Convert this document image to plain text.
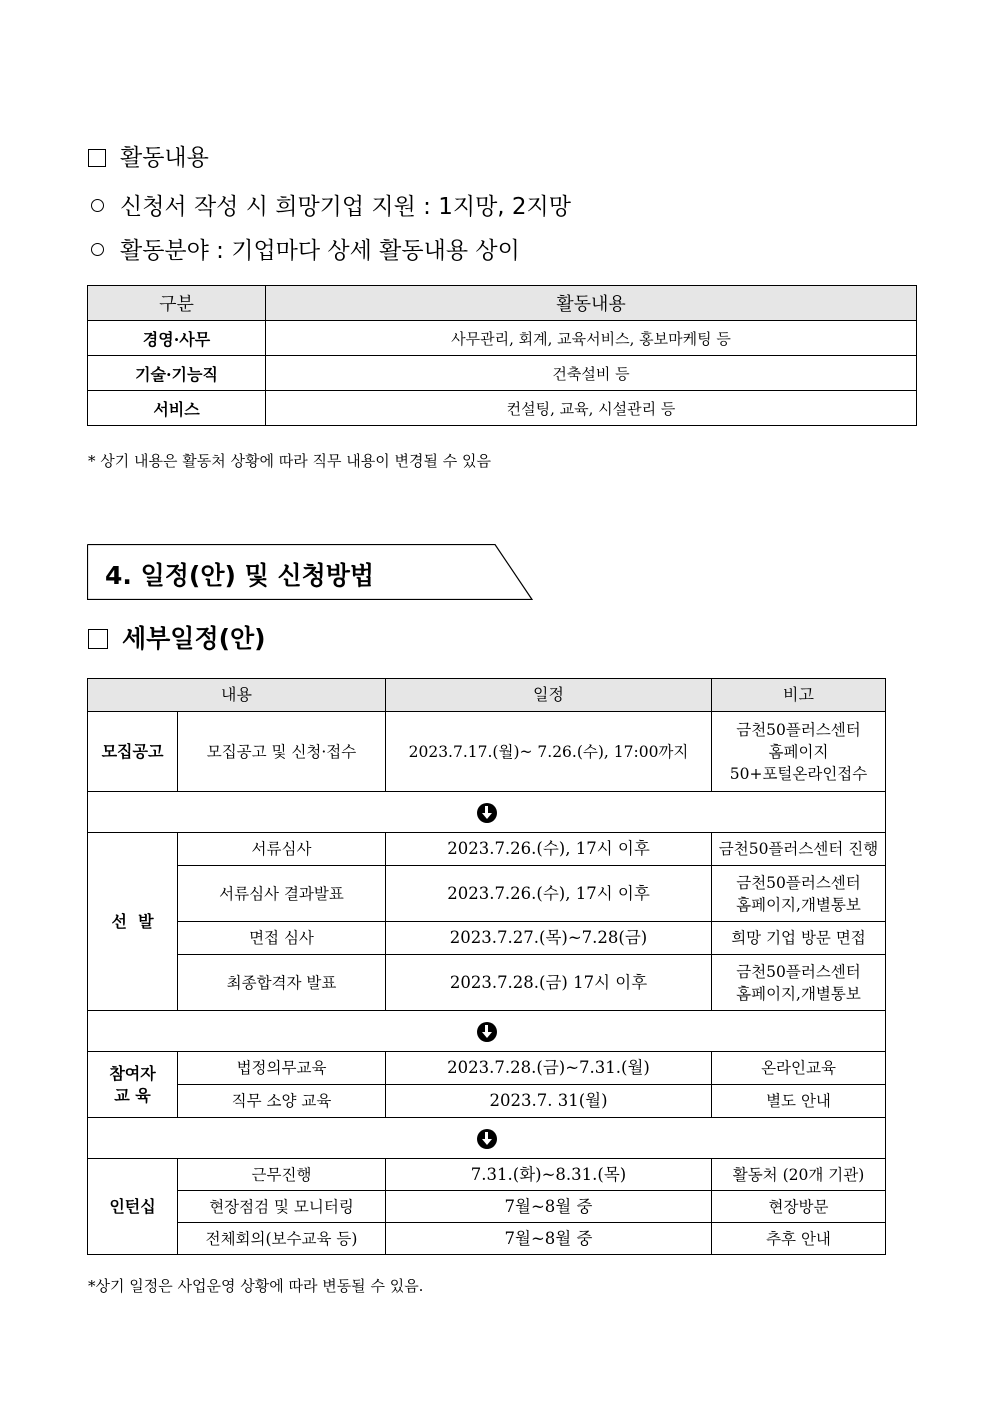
활동내용
신청서 작성 시 희망기업 지원 : 1지망, 2지망
활동분야 : 기업마다 상세 활동내용 상이
구분	활동내용
경영·사무	사무관리, 회계, 교육서비스, 홍보마케팅 등
기술·기능직	건축설비 등
서비스	컨설팅, 교육, 시설관리 등
* 상기 내용은 활동처 상황에 따라 직무 내용이 변경될 수 있음
4. 일정(안) 및 신청방법
세부일정(안)
내용		일정	비고
모집공고	모집공고 및 신청·접수	2023.7.17.(월)~ 7.26.(수), 17:00까지	금천50플러스센터
홈페이지
50+포털온라인접수

선  발	서류심사	2023.7.26.(수), 17시 이후	금천50플러스센터 진행
	서류심사 결과발표	2023.7.26.(수), 17시 이후	금천50플러스센터
홈페이지,개별통보

	면접 심사	2023.7.27.(목)~7.28(금)	희망 기업 방문 면접
	최종합격자 발표	2023.7.28.(금) 17시 이후	금천50플러스센터
홈페이지,개별통보

참여자
교 육	법정의무교육	2023.7.28.(금)~7.31.(월)	온라인교육
	직무 소양 교육	2023.7. 31(월)	별도 안내

인턴십	근무진행	7.31.(화)~8.31.(목)	활동처 (20개 기관)
	현장점검 및 모니터링	7월~8월 중	현장방문
	전체회의(보수교육 등)	7월~8월 중	추후 안내
*상기 일정은 사업운영 상황에 따라 변동될 수 있음.
